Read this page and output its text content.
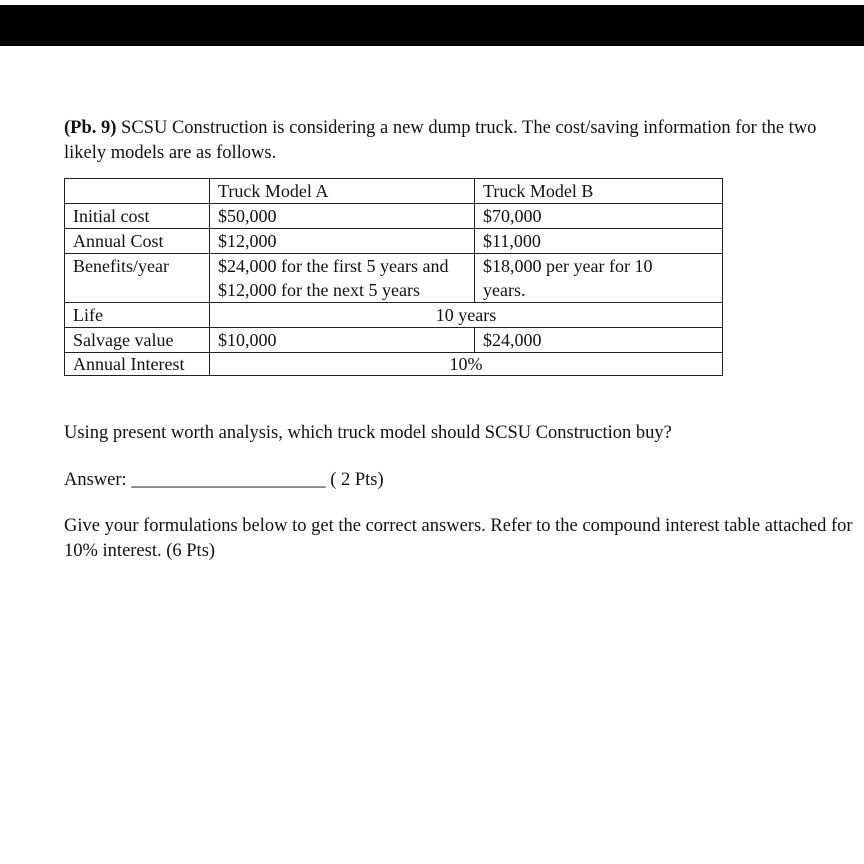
(Pb. 9) SCSU Construction is considering a new dump truck. The cost/saving information for the two likely models are as follows.

	Truck Model A	Truck Model B
Initial cost	$50,000	$70,000
Annual Cost	$12,000	$11,000
Benefits/year	$24,000 for the first 5 years and $12,000 for the next 5 years	$18,000 per year for 10 years.
Life	10 years	
Salvage value	$10,000	$24,000
Annual Interest	10%	

Using present worth analysis, which truck model should SCSU Construction buy?

Answer: _____________________ ( 2 Pts)

Give your formulations below to get the correct answers. Refer to the compound interest table attached for 10% interest. (6 Pts)
